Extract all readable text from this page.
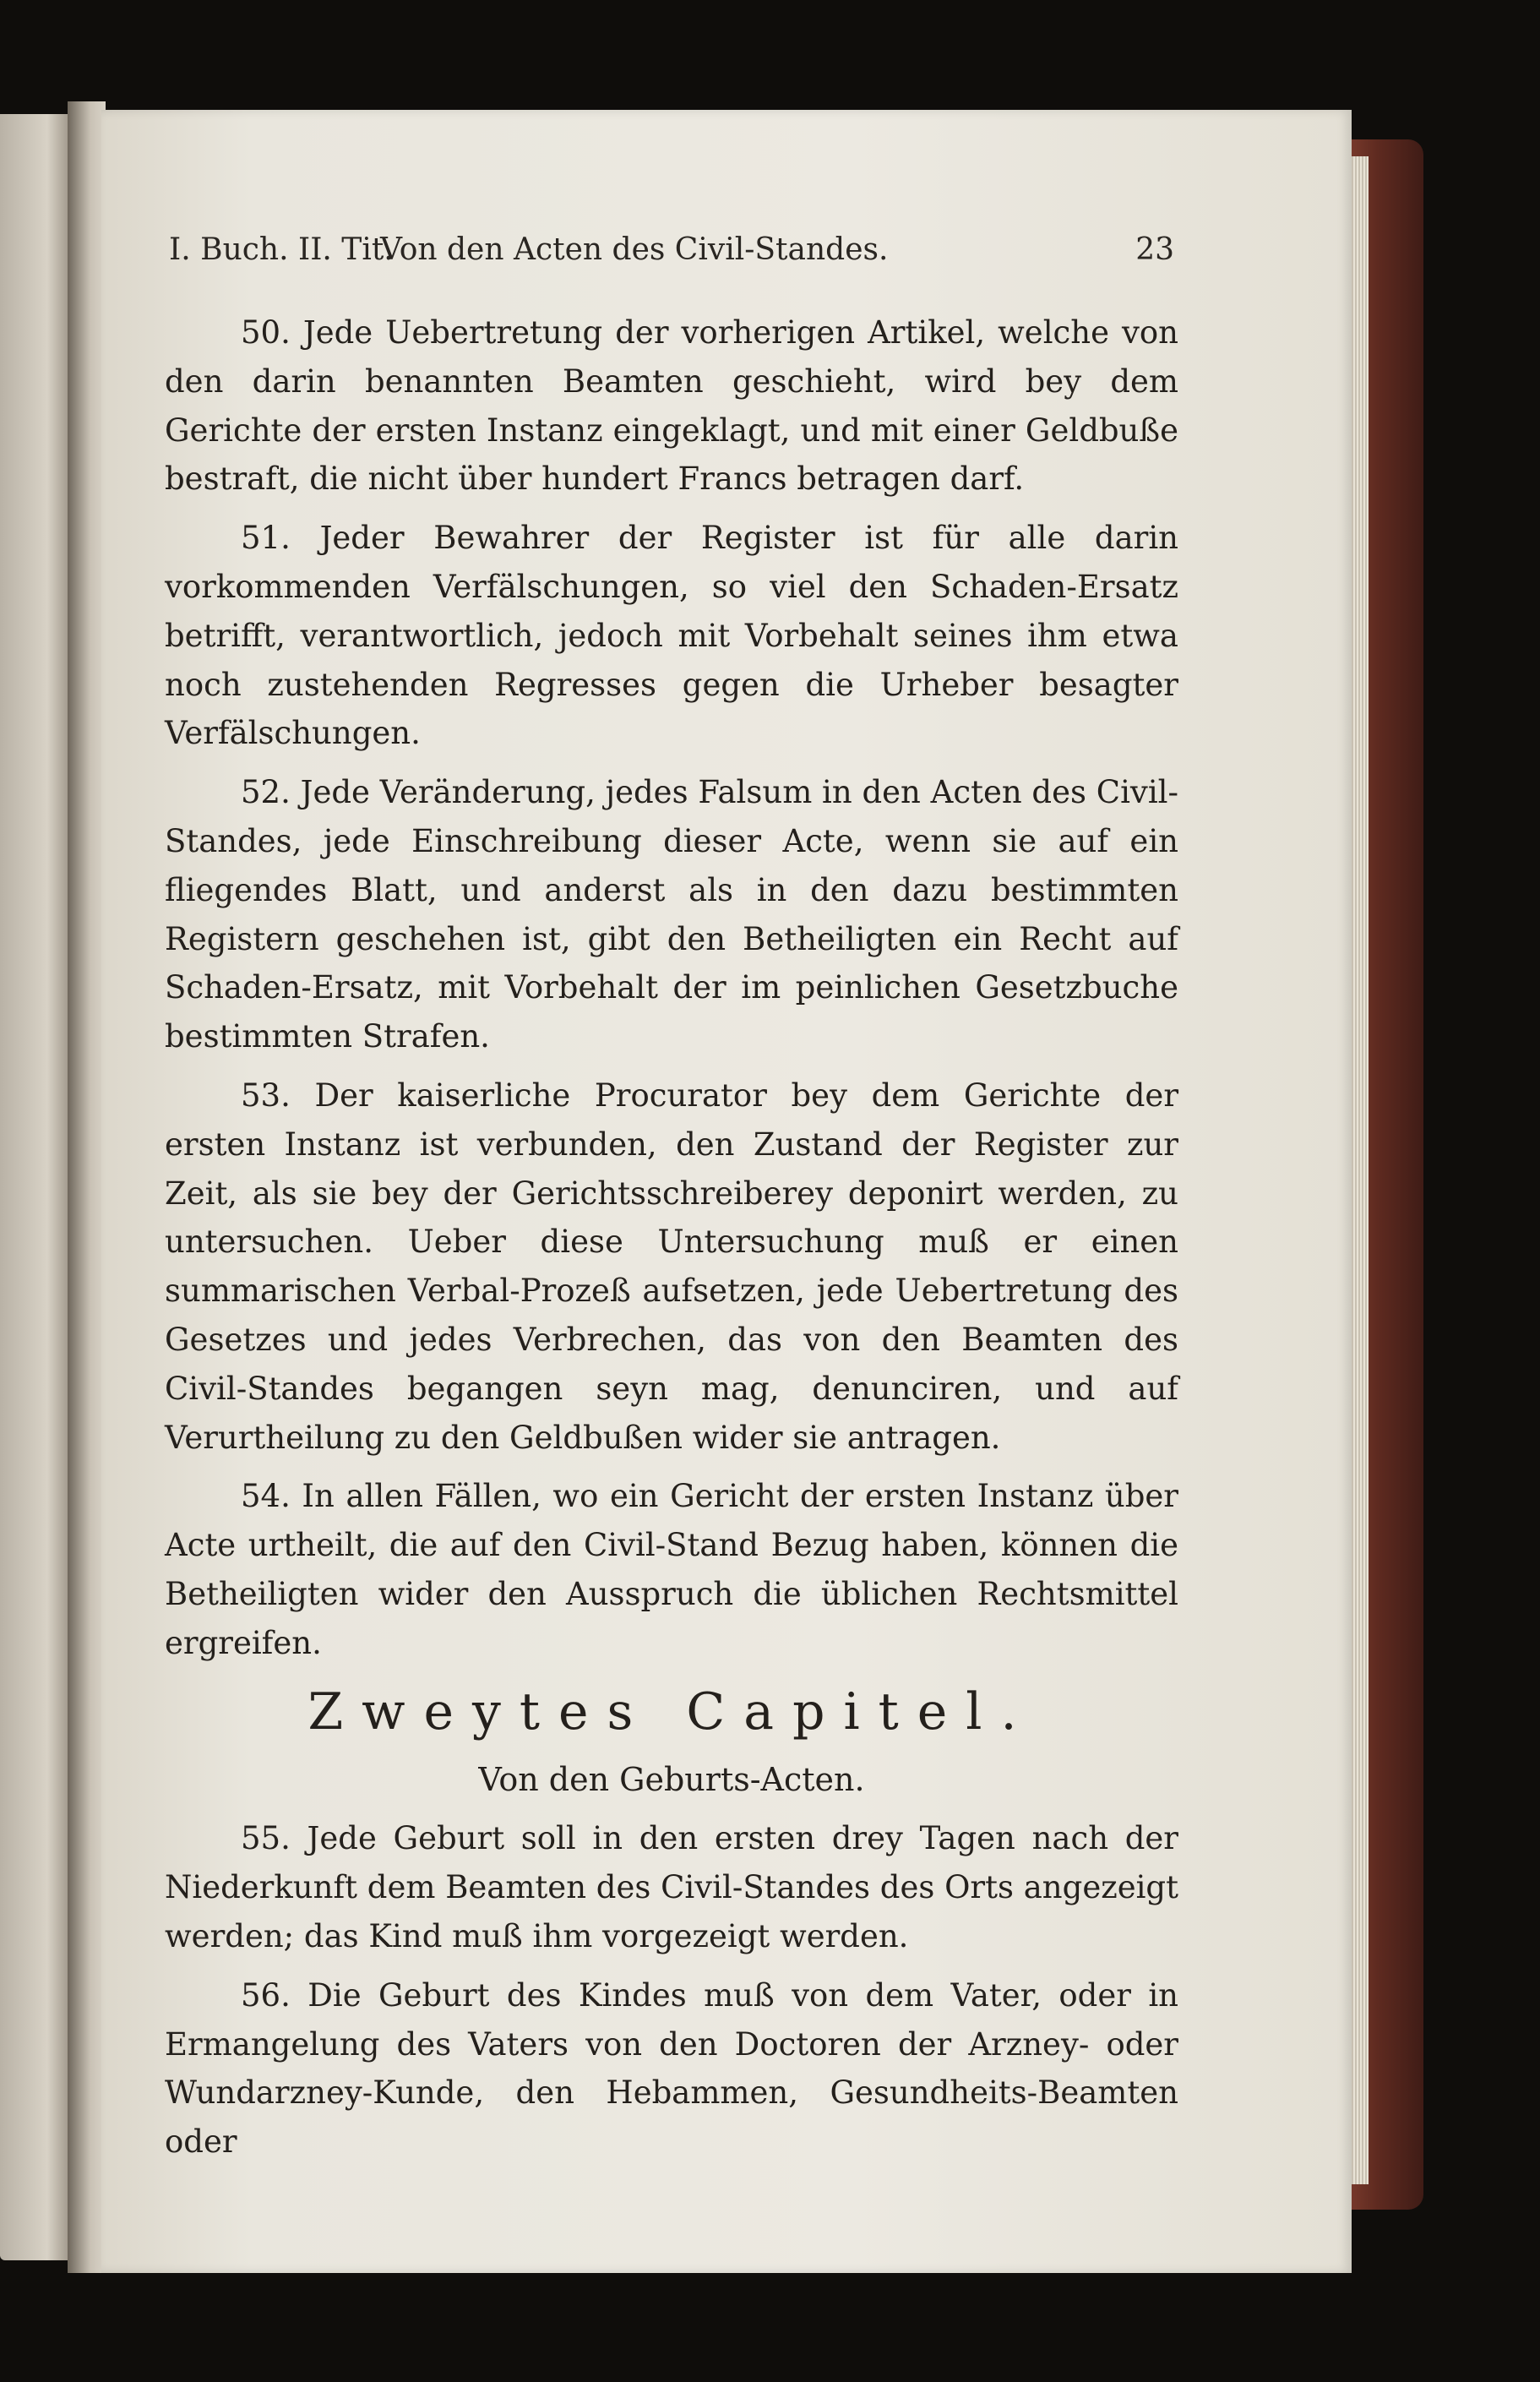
I. Buch. II. Tit.
Von den Acten des Civil-Standes.	23

50. Jede Uebertretung der vorherigen Artikel, welche von den darin benannten Beamten geschieht, wird bey dem Gerichte der ersten Instanz eingeklagt, und mit einer Geldbuße bestraft, die nicht über hundert Francs betragen darf.

51. Jeder Bewahrer der Register ist für alle darin vorkommenden Verfälschungen, so viel den Schaden-Ersatz betrifft, verantwortlich, jedoch mit Vorbehalt seines ihm etwa noch zustehenden Regresses gegen die Urheber besagter Verfälschungen.

52. Jede Veränderung, jedes Falsum in den Acten des Civil-Standes, jede Einschreibung dieser Acte, wenn sie auf ein fliegendes Blatt, und anderst als in den dazu bestimmten Registern geschehen ist, gibt den Betheiligten ein Recht auf Schaden-Ersatz, mit Vorbehalt der im peinlichen Gesetzbuche bestimmten Strafen.

53. Der kaiserliche Procurator bey dem Gerichte der ersten Instanz ist verbunden, den Zustand der Register zur Zeit, als sie bey der Gerichtsschreiberey deponirt werden, zu untersuchen. Ueber diese Untersuchung muß er einen summarischen Verbal-Prozeß aufsetzen, jede Uebertretung des Gesetzes und jedes Verbrechen, das von den Beamten des Civil-Standes begangen seyn mag, denunciren, und auf Verurtheilung zu den Geldbußen wider sie antragen.

54. In allen Fällen, wo ein Gericht der ersten Instanz über Acte urtheilt, die auf den Civil-Stand Bezug haben, können die Betheiligten wider den Ausspruch die üblichen Rechtsmittel ergreifen.

Zweytes Capitel.

Von den Geburts-Acten.

55. Jede Geburt soll in den ersten drey Tagen nach der Niederkunft dem Beamten des Civil-Standes des Orts angezeigt werden; das Kind muß ihm vorgezeigt werden.

56. Die Geburt des Kindes muß von dem Vater, oder in Ermangelung des Vaters von den Doctoren der Arzney- oder Wundarzney-Kunde, den Hebammen, Gesundheits-Beamten oder
